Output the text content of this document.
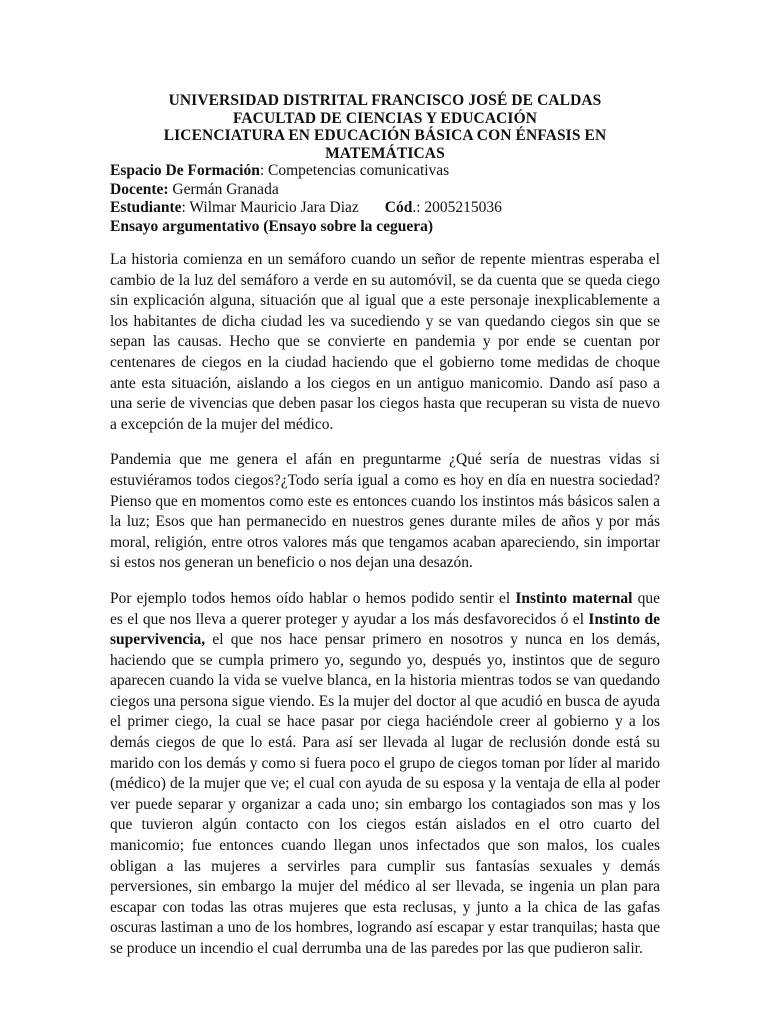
UNIVERSIDAD DISTRITAL FRANCISCO JOSÉ DE CALDAS
FACULTAD DE CIENCIAS Y EDUCACIÓN
LICENCIATURA EN EDUCACIÓN BÁSICA CON ÉNFASIS EN
MATEMÁTICAS
Espacio De Formación: Competencias comunicativas
Docente: Germán Granada
Estudiante: Wilmar Mauricio Jara Diaz Cód.: 2005215036
Ensayo argumentativo (Ensayo sobre la ceguera)

La historia comienza en un semáforo cuando un señor de repente mientras esperaba el cambio de la luz del semáforo a verde en su automóvil, se da cuenta que se queda ciego sin explicación alguna, situación que al igual que a este personaje inexplicablemente a los habitantes de dicha ciudad les va sucediendo y se van quedando ciegos sin que se sepan las causas. Hecho que se convierte en pandemia y por ende se cuentan por centenares de ciegos en la ciudad haciendo que el gobierno tome medidas de choque ante esta situación, aislando a los ciegos en un antiguo manicomio. Dando así paso a una serie de vivencias que deben pasar los ciegos hasta que recuperan su vista de nuevo a excepción de la mujer del médico.

Pandemia que me genera el afán en preguntarme ¿Qué sería de nuestras vidas si estuviéramos todos ciegos?¿Todo sería igual a como es hoy en día en nuestra sociedad? Pienso que en momentos como este es entonces cuando los instintos más básicos salen a la luz; Esos que han permanecido en nuestros genes durante miles de años y por más moral, religión, entre otros valores más que tengamos acaban apareciendo, sin importar si estos nos generan un beneficio o nos dejan una desazón.

Por ejemplo todos hemos oído hablar o hemos podido sentir el Instinto maternal que es el que nos lleva a querer proteger y ayudar a los más desfavorecidos ó el Instinto de supervivencia, el que nos hace pensar primero en nosotros y nunca en los demás, haciendo que se cumpla primero yo, segundo yo, después yo, instintos que de seguro aparecen cuando la vida se vuelve blanca, en la historia mientras todos se van quedando ciegos una persona sigue viendo. Es la mujer del doctor al que acudió en busca de ayuda el primer ciego, la cual se hace pasar por ciega haciéndole creer al gobierno y a los demás ciegos de que lo está. Para así ser llevada al lugar de reclusión donde está su marido con los demás y como si fuera poco el grupo de ciegos toman por líder al marido (médico) de la mujer que ve; el cual con ayuda de su esposa y la ventaja de ella al poder ver puede separar y organizar a cada uno; sin embargo los contagiados son mas y los que tuvieron algún contacto con los ciegos están aislados en el otro cuarto del manicomio; fue entonces cuando llegan unos infectados que son malos, los cuales obligan a las mujeres a servirles para cumplir sus fantasías sexuales y demás perversiones, sin embargo la mujer del médico al ser llevada, se ingenia un plan para escapar con todas las otras mujeres que esta reclusas, y junto a la chica de las gafas oscuras lastiman a uno de los hombres, logrando así escapar y estar tranquilas; hasta que se produce un incendio el cual derrumba una de las paredes por las que pudieron salir.
